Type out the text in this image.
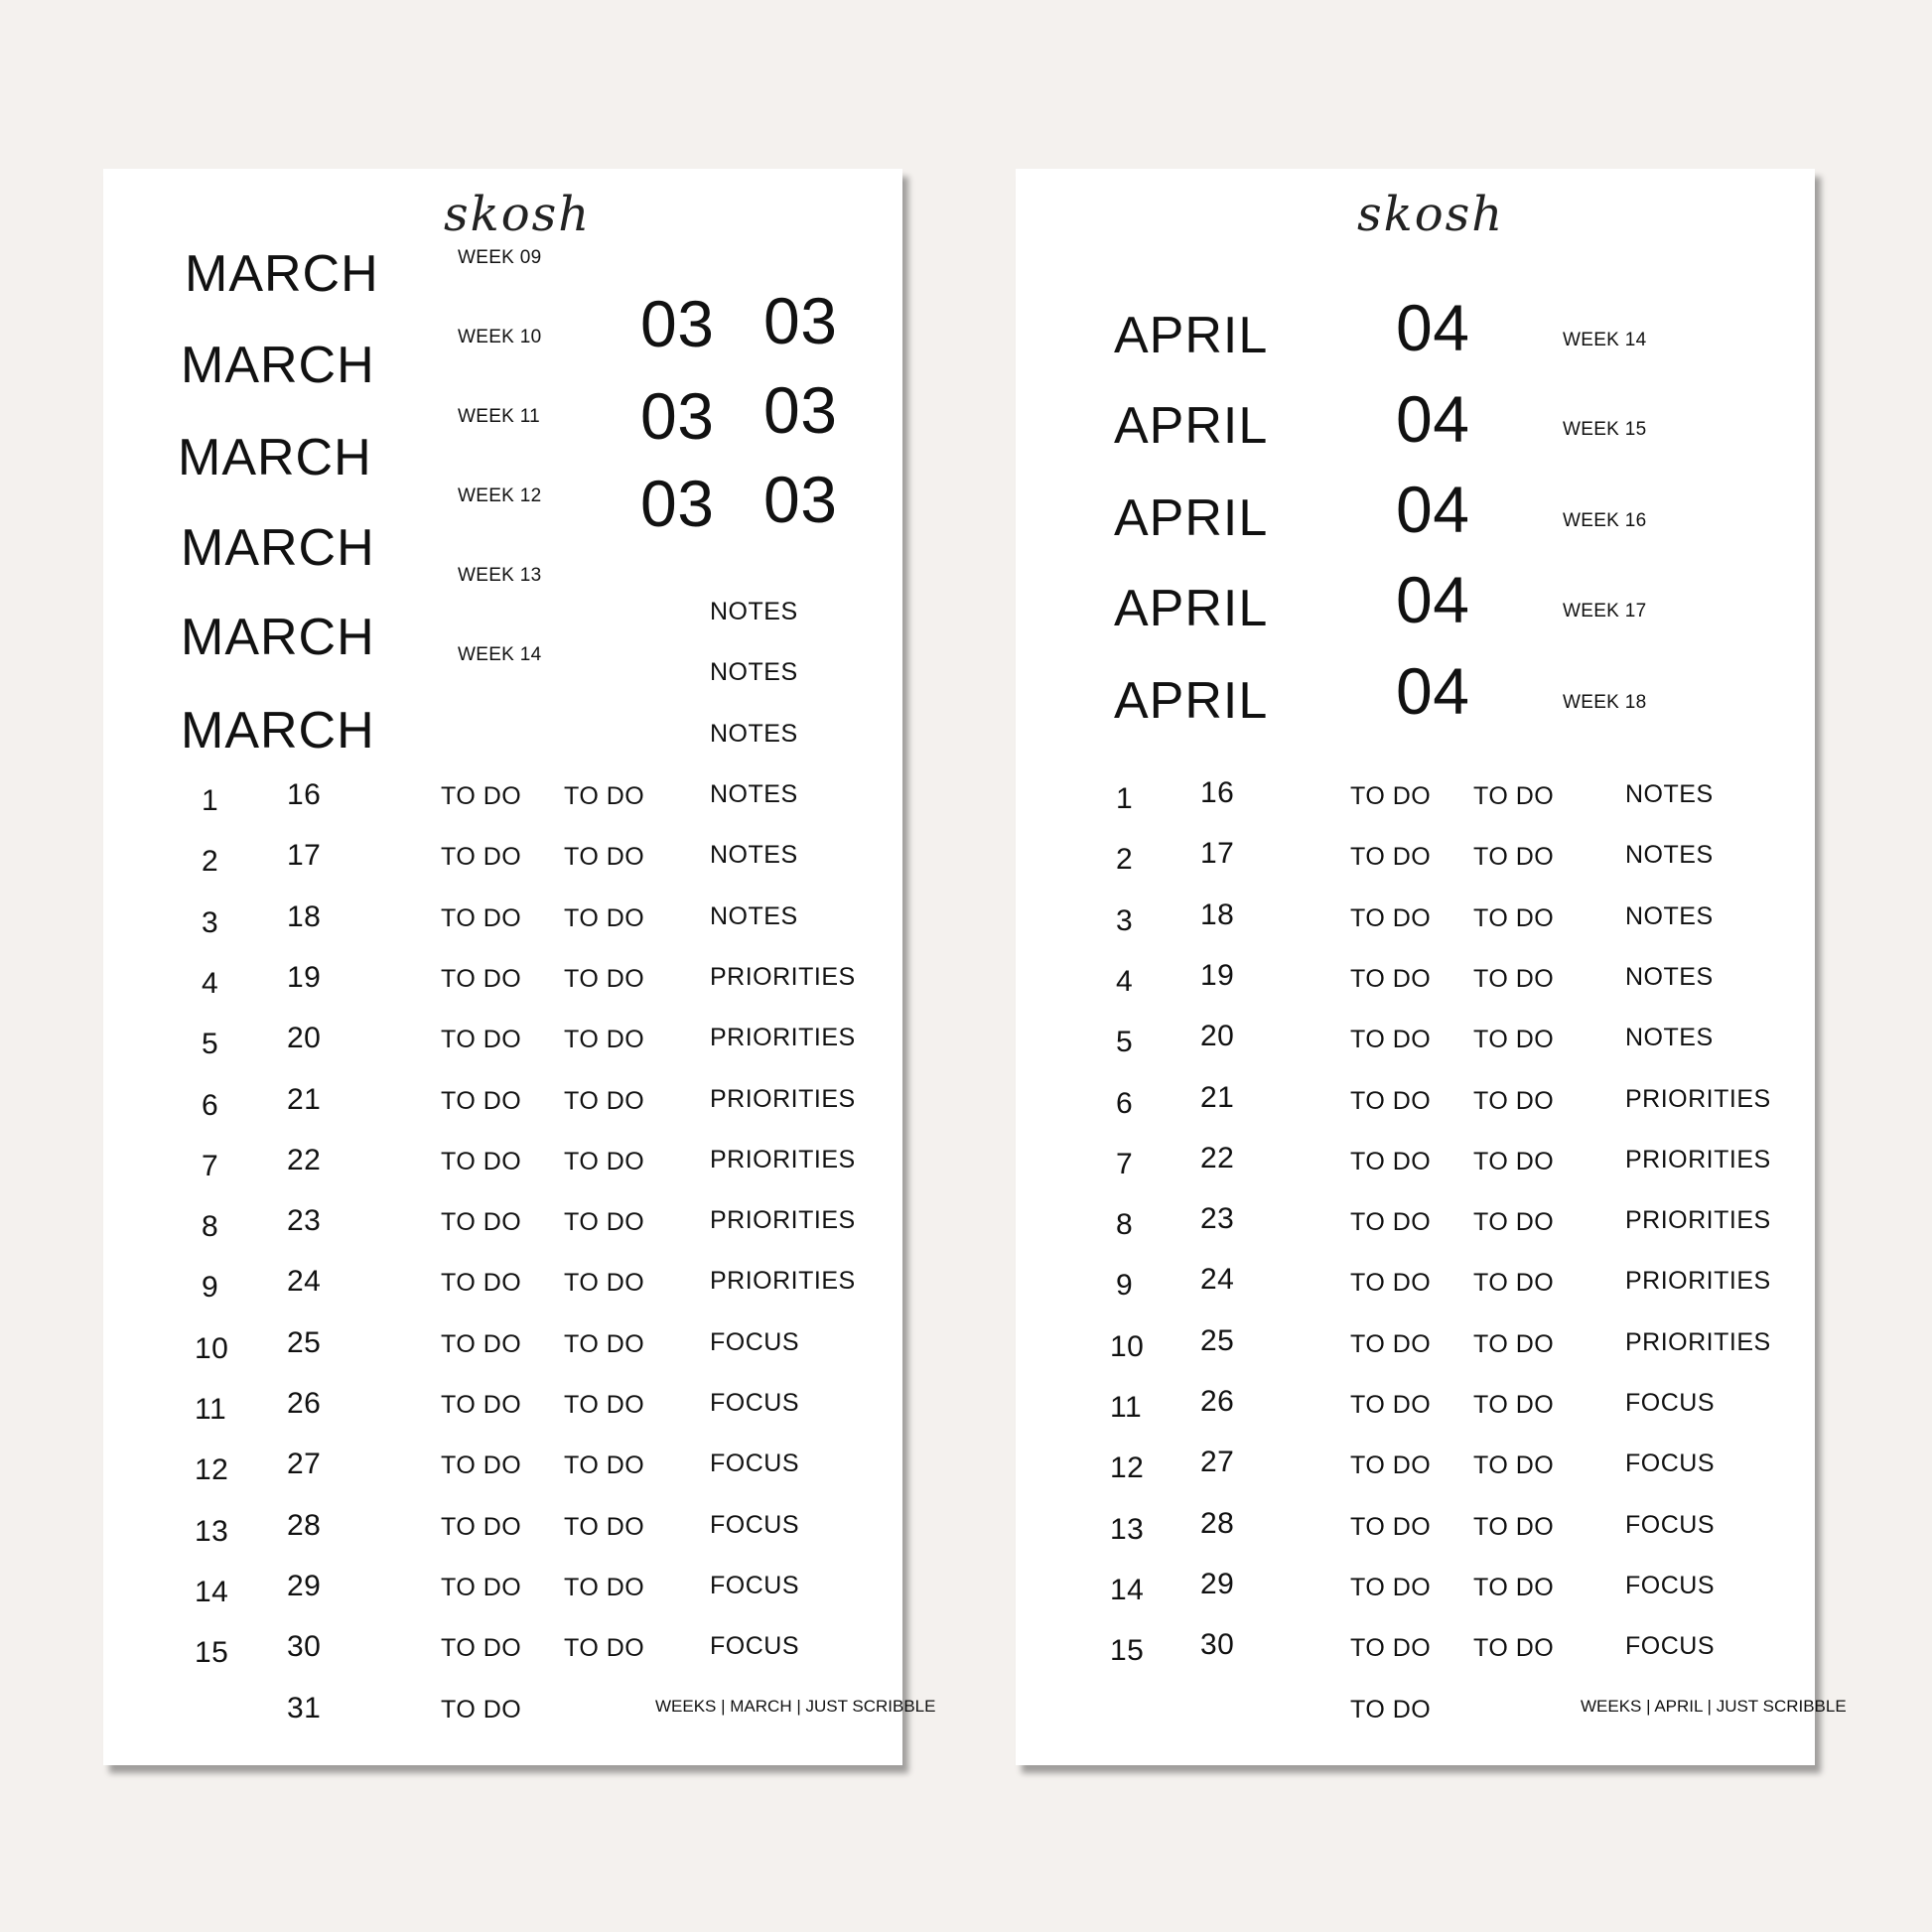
skosh
MARCH
MARCH
MARCH
MARCH
MARCH
MARCH
WEEK 09
WEEK 10
WEEK 11
WEEK 12
WEEK 13
WEEK 14
03 03
03 03
03 03
NOTES
NOTES
NOTES
1
2
3
4
5
6
7
8
9
10
11
12
13
14
15
16
17
18
19
20
21
22
23
24
25
26
27
28
29
30
31
TO DO
TO DO
TO DO
TO DO
TO DO
TO DO
TO DO
TO DO
TO DO
TO DO
TO DO
TO DO
TO DO
TO DO
TO DO
TO DO
TO DO
TO DO
TO DO
TO DO
TO DO
TO DO
TO DO
TO DO
TO DO
TO DO
TO DO
TO DO
TO DO
TO DO
TO DO
NOTES
NOTES
NOTES
PRIORITIES
PRIORITIES
PRIORITIES
PRIORITIES
PRIORITIES
PRIORITIES
FOCUS
FOCUS
FOCUS
FOCUS
FOCUS
FOCUS
WEEKS | MARCH | JUST SCRIBBLE
skosh
APRIL
APRIL
APRIL
APRIL
APRIL
04
04
04
04
04
WEEK 14
WEEK 15
WEEK 16
WEEK 17
WEEK 18
1
2
3
4
5
6
7
8
9
10
11
12
13
14
15
16
17
18
19
20
21
22
23
24
25
26
27
28
29
30
TO DO
TO DO
TO DO
TO DO
TO DO
TO DO
TO DO
TO DO
TO DO
TO DO
TO DO
TO DO
TO DO
TO DO
TO DO
TO DO
TO DO
TO DO
TO DO
TO DO
TO DO
TO DO
TO DO
TO DO
TO DO
TO DO
TO DO
TO DO
TO DO
TO DO
TO DO
NOTES
NOTES
NOTES
NOTES
NOTES
PRIORITIES
PRIORITIES
PRIORITIES
PRIORITIES
PRIORITIES
FOCUS
FOCUS
FOCUS
FOCUS
FOCUS
WEEKS | APRIL | JUST SCRIBBLE
